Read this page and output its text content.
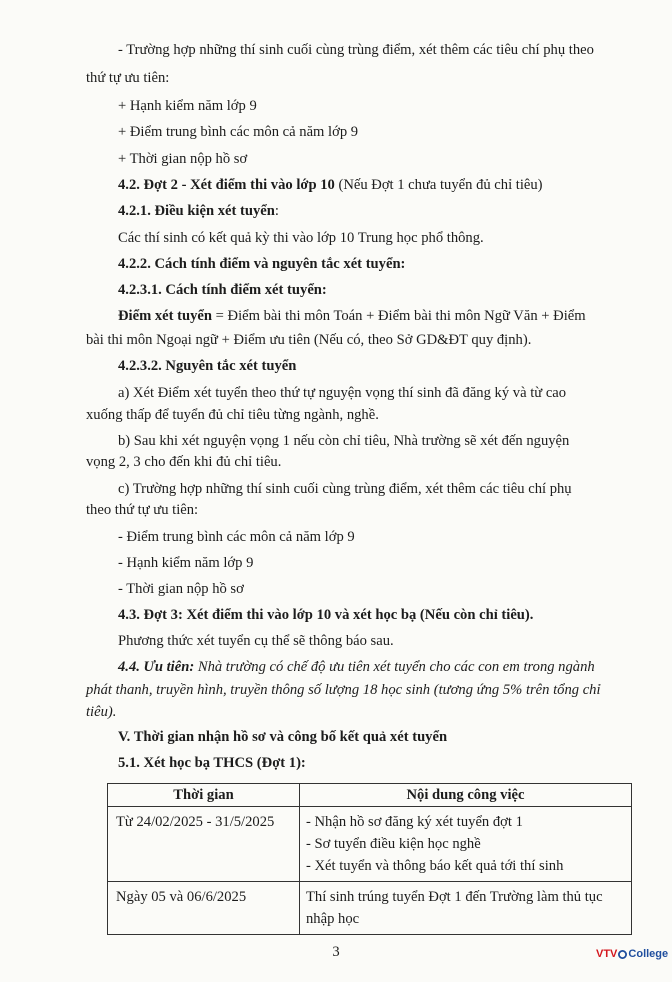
- Trường hợp những thí sinh cuối cùng trùng điểm, xét thêm các tiêu chí phụ theo
thứ tự ưu tiên:
+ Hạnh kiểm năm lớp 9
+ Điểm trung bình các môn cả năm lớp 9
+ Thời gian nộp hồ sơ
4.2. Đợt 2 - Xét điểm thi vào lớp 10 (Nếu Đợt 1 chưa tuyển đủ chỉ tiêu)
4.2.1. Điều kiện xét tuyển:
Các thí sinh có kết quả kỳ thi vào lớp 10 Trung học phổ thông.
4.2.2. Cách tính điểm và nguyên tắc xét tuyển:
4.2.3.1. Cách tính điểm xét tuyển:
Điểm xét tuyển = Điểm bài thi môn Toán + Điểm bài thi môn Ngữ Văn + Điểm
bài thi môn Ngoại ngữ + Điểm ưu tiên (Nếu có, theo Sở GD&ĐT quy định).
4.2.3.2. Nguyên tắc xét tuyển
a) Xét Điểm xét tuyển theo thứ tự nguyện vọng thí sinh đã đăng ký và từ cao
xuống thấp để tuyển đủ chỉ tiêu từng ngành, nghề.
b) Sau khi xét nguyện vọng 1 nếu còn chỉ tiêu, Nhà trường sẽ xét đến nguyện
vọng 2, 3 cho đến khi đủ chỉ tiêu.
c) Trường hợp những thí sinh cuối cùng trùng điểm, xét thêm các tiêu chí phụ
theo thứ tự ưu tiên:
- Điểm trung bình các môn cả năm lớp 9
- Hạnh kiểm năm lớp 9
- Thời gian nộp hồ sơ
4.3. Đợt 3: Xét điểm thi vào lớp 10 và xét học bạ (Nếu còn chỉ tiêu).
Phương thức xét tuyển cụ thể sẽ thông báo sau.
4.4. Ưu tiên: Nhà trường có chế độ ưu tiên xét tuyển cho các con em trong ngành
phát thanh, truyền hình, truyền thông số lượng 18 học sinh (tương ứng 5% trên tổng chỉ
tiêu).
V. Thời gian nhận hồ sơ và công bố kết quả xét tuyển
5.1. Xét học bạ THCS (Đợt 1):
Thời gian	Nội dung công việc
Từ 24/02/2025 - 31/5/2025	- Nhận hồ sơ đăng ký xét tuyển đợt 1
- Sơ tuyển điều kiện học nghề
- Xét tuyển và thông báo kết quả tới thí sinh

Ngày 05 và 06/6/2025	Thí sinh trúng tuyển Đợt 1 đến Trường làm thủ tục
nhập học
3	VTV College
